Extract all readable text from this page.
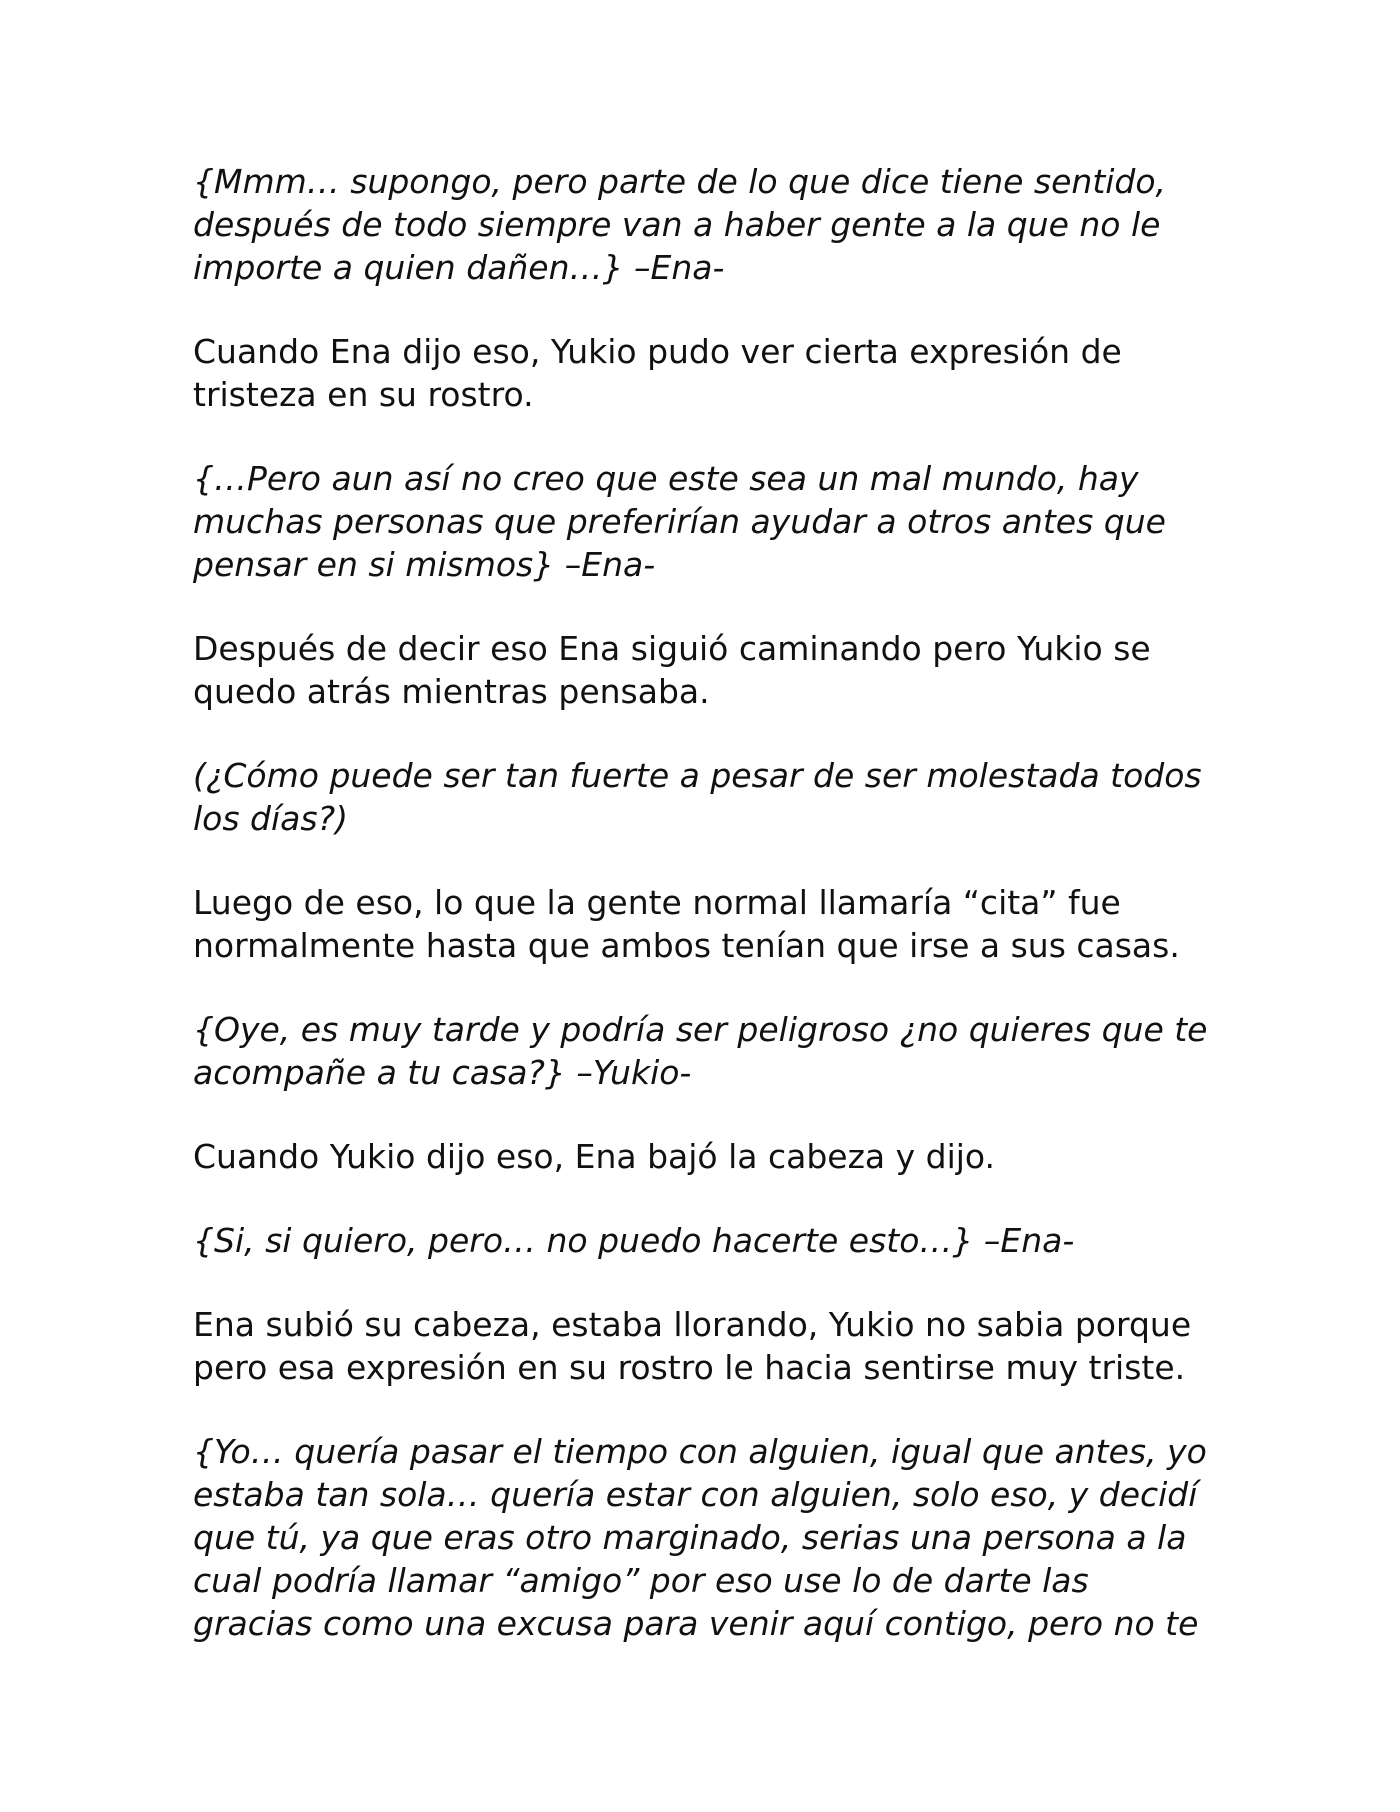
{Mmm… supongo, pero parte de lo que dice tiene sentido,
después de todo siempre van a haber gente a la que no le
importe a quien dañen…} –Ena-
Cuando Ena dijo eso, Yukio pudo ver cierta expresión de
tristeza en su rostro.
{…Pero aun así no creo que este sea un mal mundo, hay
muchas personas que preferirían ayudar a otros antes que
pensar en si mismos} –Ena-
Después de decir eso Ena siguió caminando pero Yukio se
quedo atrás mientras pensaba.
(¿Cómo puede ser tan fuerte a pesar de ser molestada todos
los días?)
Luego de eso, lo que la gente normal llamaría “cita” fue
normalmente hasta que ambos tenían que irse a sus casas.
{Oye, es muy tarde y podría ser peligroso ¿no quieres que te
acompañe a tu casa?} –Yukio-
Cuando Yukio dijo eso, Ena bajó la cabeza y dijo.
{Si, si quiero, pero… no puedo hacerte esto…} –Ena-
Ena subió su cabeza, estaba llorando, Yukio no sabia porque
pero esa expresión en su rostro le hacia sentirse muy triste.
{Yo… quería pasar el tiempo con alguien, igual que antes, yo
estaba tan sola… quería estar con alguien, solo eso, y decidí
que tú, ya que eras otro marginado, serias una persona a la
cual podría llamar “amigo” por eso use lo de darte las
gracias como una excusa para venir aquí contigo, pero no te
